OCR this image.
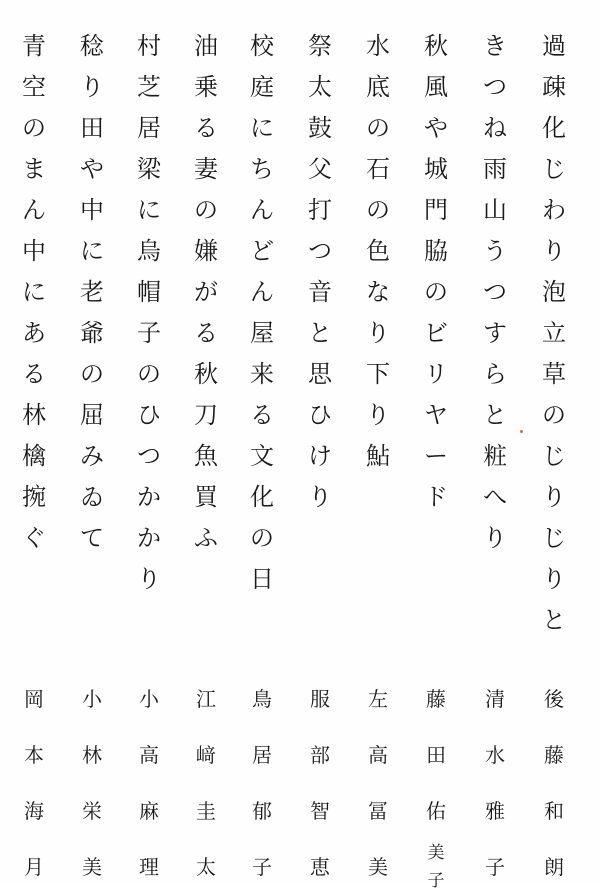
過
疎
化
じ
わ
り
泡
立
草
の
じ
り
じ
り
と
き
つ
ね
雨
山
う
つ
す
ら
と
粧
へ
り
秋
風
や
城
門
脇
の
ビ
リ
ヤ
ー
ド
水
底
の
石
の
色
な
り
下
り
鮎
祭
太
鼓
父
打
つ
音
と
思
ひ
け
り
校
庭
に
ち
ん
ど
ん
屋
来
る
文
化
の
日
油
乗
る
妻
の
嫌
が
る
秋
刀
魚
買
ふ
村
芝
居
梁
に
烏
帽
子
の
ひ
つ
か
か
り
稔
り
田
や
中
に
老
爺
の
屈
み
ゐ
て
青
空
の
ま
ん
中
に
あ
る
林
檎
捥
ぐ
後
藤
和
朗
清
水
雅
子
藤
田
佑
美
子
左
高
冨
美
服
部
智
恵
鳥
居
郁
子
江
﨑
圭
太
小
高
麻
理
小
林
栄
美
岡
本
海
月
